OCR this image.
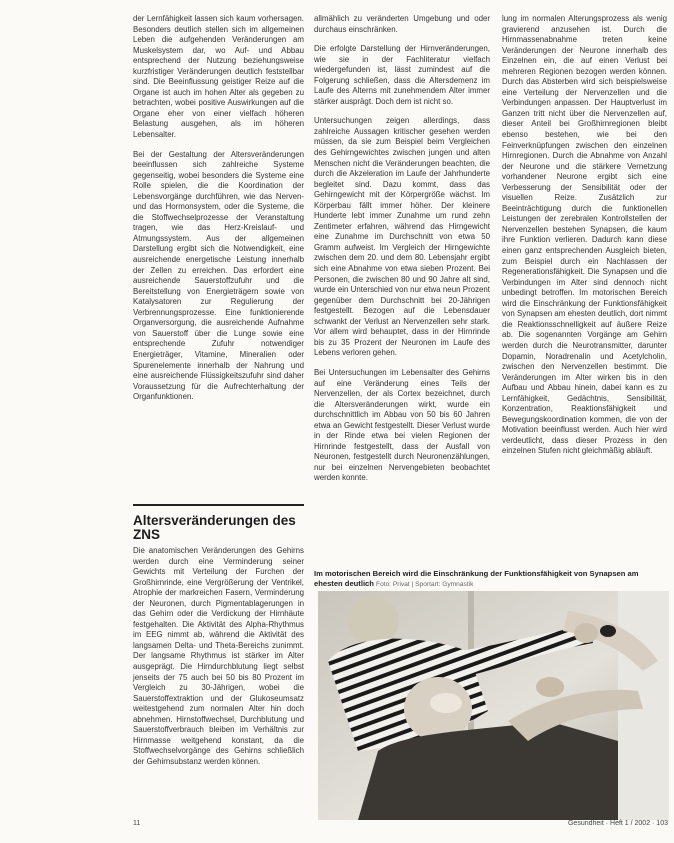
der Lernfähigkeit lassen sich kaum vorhersagen. Besonders deutlich stellen sich im allgemeinen Leben die aufgehenden Veränderungen am Muskelsystem dar, wo Auf- und Abbau entsprechend der Nutzung beziehungsweise kurzfristiger Veränderungen deutlich feststellbar sind. Die Beeinflussung geistiger Reize auf die Organe ist auch im hohen Alter als gegeben zu betrachten, wobei positive Auswirkungen auf die Organe eher von einer vielfach höheren Belastung ausgehen, als im höheren Lebensalter.

Bei der Gestaltung der Altersveränderungen beeinflussen sich zahlreiche Systeme gegenseitig, wobei besonders die Systeme eine Rolle spielen, die die Koordination der Lebensvorgänge durchführen, wie das Nerven- und das Hormonsystem, oder die Systeme, die die Stoffwechselprozesse der Veranstaltung tragen, wie das Herz-Kreislauf- und Atmungssystem. Aus der allgemeinen Darstellung ergibt sich die Notwendigkeit, eine ausreichende energetische Leistung innerhalb der Zellen zu erreichen. Das erfordert eine ausreichende Sauerstoffzufuhr und die Bereitstellung von Energieträgern sowie von Katalysatoren zur Regulierung der Verbrennungsprozesse. Eine funktionierende Organversorgung, die ausreichende Aufnahme von Sauerstoff über die Lunge sowie eine entsprechende Zufuhr notwendiger Energieträger, Vitamine, Mineralien oder Spurenelemente innerhalb der Nahrung und eine ausreichende Flüssigkeitszufuhr sind daher Voraussetzung für die Aufrechterhaltung der Organfunktionen.

Altersveränderungen des ZNS
Die anatomischen Veränderungen des Gehirns werden durch eine Verminderung seiner Gewichts mit Verteilung der Furchen der Großhirnrinde, eine Vergrößerung der Ventrikel, Atrophie der markreichen Fasern, Verminderung der Neuronen, durch Pigmentablagerungen in das Gehirn oder die Verdickung der Hirnhäute festgehalten. Die Aktivität des Alpha-Rhythmus im EEG nimmt ab, während die Aktivität des langsamen Delta- und Theta-Bereichs zunimmt. Der langsame Rhythmus ist stärker im Alter ausgeprägt. Die Hirndurchblutung liegt selbst jenseits der 75 auch bei 50 bis 80 Prozent im Vergleich zu 30-Jährigen, wobei die Sauerstoffextraktion und der Glukoseumsatz weitestgehend zum normalen Alter hin doch abnehmen. Hirnstoffwechsel, Durchblutung und Sauerstoffverbrauch bleiben im Verhältnis zur Hirnmasse weitgehend konstant, da die Stoffwechselvorgänge des Gehirns schließlich der Gehirnsubstanz werden können.

allmählich zu veränderten Umgebung und oder durchaus einschränken.

Die erfolgte Darstellung der Hirnveränderungen, wie sie in der Fachliteratur vielfach wiedergefunden ist, lässt zumindest auf die Folgerung schließen, dass die Altersdemenz im Laufe des Alterns mit zunehmendem Alter immer stärker ausprägt. Doch dem ist nicht so.

Untersuchungen zeigen allerdings, dass zahlreiche Aussagen kritischer gesehen werden müssen, da sie zum Beispiel beim Vergleichen des Gehirngewichtes zwischen jungen und alten Menschen nicht die Veränderungen beachten, die durch die Akzeleration im Laufe der Jahrhunderte begleitet sind. Dazu kommt, dass das Gehirngewicht mit der Körpergröße wächst. Im Körperbau fällt immer höher. Der kleinere Hunderte lebt immer Zunahme um rund zehn Zentimeter erfahren, während das Hirngewicht eine Zunahme im Durchschnitt von etwa 50 Gramm aufweist. Im Vergleich der Hirngewichte zwischen dem 20. und dem 80. Lebensjahr ergibt sich eine Abnahme von etwa sieben Prozent. Bei Personen, die zwischen 80 und 90 Jahre alt sind, wurde ein Unterschied von nur etwa neun Prozent gegenüber dem Durchschnitt bei 20-Jährigen festgestellt. Bezogen auf die Lebensdauer schwankt der Verlust an Nervenzellen sehr stark. Vor allem wird behauptet, dass in der Hirnrinde bis zu 35 Prozent der Neuronen im Laufe des Lebens verloren gehen.

Bei Untersuchungen im Lebensalter des Gehirns auf eine Veränderung eines Teils der Nervenzellen, der als Cortex bezeichnet, durch die Altersveränderungen wirkt, wurde ein durchschnittlich im Abbau von 50 bis 60 Jahren etwa an Gewicht festgestellt. Dieser Verlust wurde in der Rinde etwa bei vielen Regionen der Hirnrinde festgestellt, dass der Ausfall von Neuronen, festgestellt durch Neuronenzählungen, nur bei einzelnen Nervengebieten beobachtet werden konnte.

lung im normalen Alterungsprozess als wenig gravierend anzusehen ist. Durch die Hirnmassenabnahme treten keine Veränderungen der Neurone innerhalb des Einzelnen ein, die auf einen Verlust bei mehreren Regionen bezogen werden können. Durch das Absterben wird sich beispielsweise eine Verteilung der Nervenzellen und die Verbindungen anpassen. Der Hauptverlust im Ganzen tritt nicht über die Nervenzellen auf, dieser Anteil bei Großhirnregionen bleibt ebenso bestehen, wie bei den Feinverknüpfungen zwischen den einzelnen Hirnregionen. Durch die Abnahme von Anzahl der Neurone und die stärkere Vernetzung vorhandener Neurone ergibt sich eine Verbesserung der Sensibilität oder der visuellen Reize. Zusätzlich zur Beeinträchtigung durch die funktionellen Leistungen der zerebralen Kontrollstellen der Nervenzellen bestehen Synapsen, die kaum ihre Funktion verlieren. Dadurch kann diese einen ganz entsprechenden Ausgleich bieten, zum Beispiel durch ein Nachlassen der Regenerationsfähigkeit. Die Synapsen und die Verbindungen im Alter sind dennoch nicht unbedingt betroffen. Im motorischen Bereich wird die Einschränkung der Funktionsfähigkeit von Synapsen am ehesten deutlich, dort nimmt die Reaktionsschnelligkeit auf äußere Reize ab. Die sogenannten Vorgänge am Gehirn werden durch die Neurotransmitter, darunter Dopamin, Noradrenalin und Acetylcholin, zwischen den Nervenzellen bestimmt. Die Veränderungen im Alter wirken bis in den Aufbau und Abbau hinein, dabei kann es zu Lernfähigkeit, Gedächtnis, Sensibilität, Konzentration, Reaktionsfähigkeit und Bewegungskoordination kommen, die von der Motivation beeinflusst werden. Auch hier wird verdeutlicht, dass dieser Prozess in den einzelnen Stufen nicht gleichmäßig abläuft.

Im motorischen Bereich wird die Einschränkung der Funktionsfähigkeit von Synapsen am ehesten deutlich Foto: Privat | Sportart: Gymnastik
11	Gesundheit · Heft 1 / 2002 · 103
